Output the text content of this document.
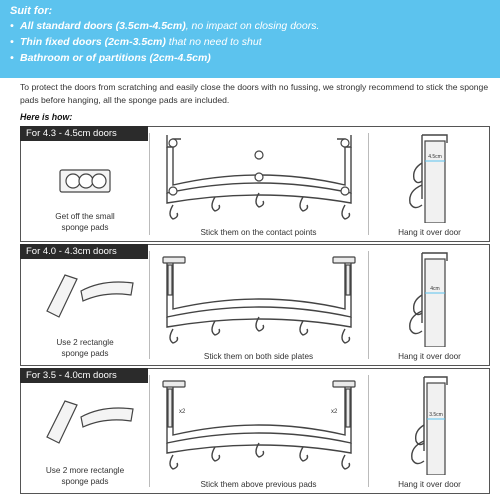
Suit for:
• All standard doors (3.5cm-4.5cm), no impact on closing doors.
• Thin fixed doors (2cm-3.5cm) that no need to shut
• Bathroom or of partitions (2cm-4.5cm)
To protect the doors from scratching and easily close the doors with no fussing, we strongly recommend to stick the sponge pads before hanging, all the sponge pads are included.
Here is how:
For 4.3 - 4.5cm doors
Get off the small
sponge pads
Stick them on the contact points
4.5cm
Hang it over door
For 4.0 - 4.3cm doors
Use 2 rectangle
sponge pads	Stick them on both side plates
4cm
Hang it over door
For 3.5 - 4.0cm doors
Use 2 more rectangle
sponge pads
x2	x2
Stick them above previous pads
3.5cm
Hang it over door
